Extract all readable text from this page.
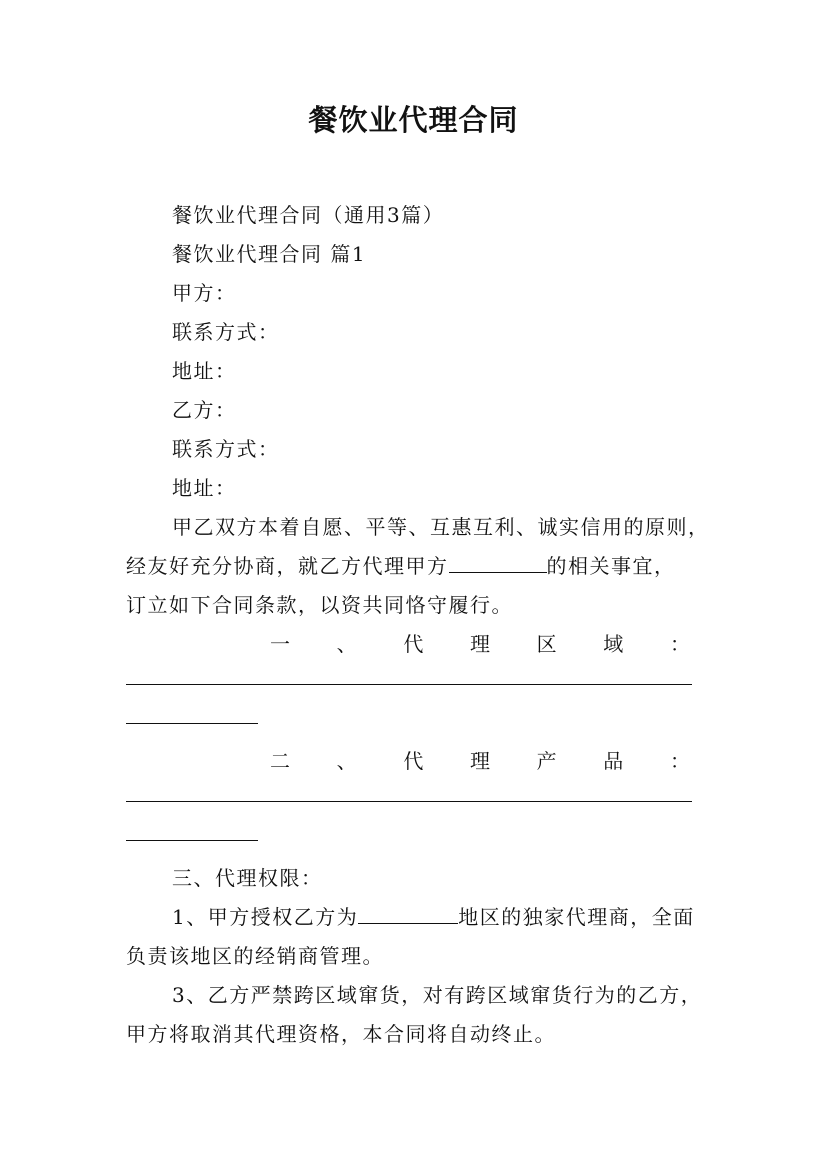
餐饮业代理合同
餐饮业代理合同（通用3篇）
餐饮业代理合同 篇1
甲方：
联系方式：
地址：
乙方：
联系方式：
地址：
甲乙双方本着自愿、平等、互惠互利、诚实信用的原则，
经友好充分协商，就乙方代理甲方	的相关事宜，
订立如下合同条款，以资共同恪守履行。
一 、 代 理 区 域 ：
二 、 代 理 产 品 ：
三、代理权限：
1、甲方授权乙方为	地区的独家代理商，全面
负责该地区的经销商管理。
3、乙方严禁跨区域窜货，对有跨区域窜货行为的乙方，
甲方将取消其代理资格，本合同将自动终止。
